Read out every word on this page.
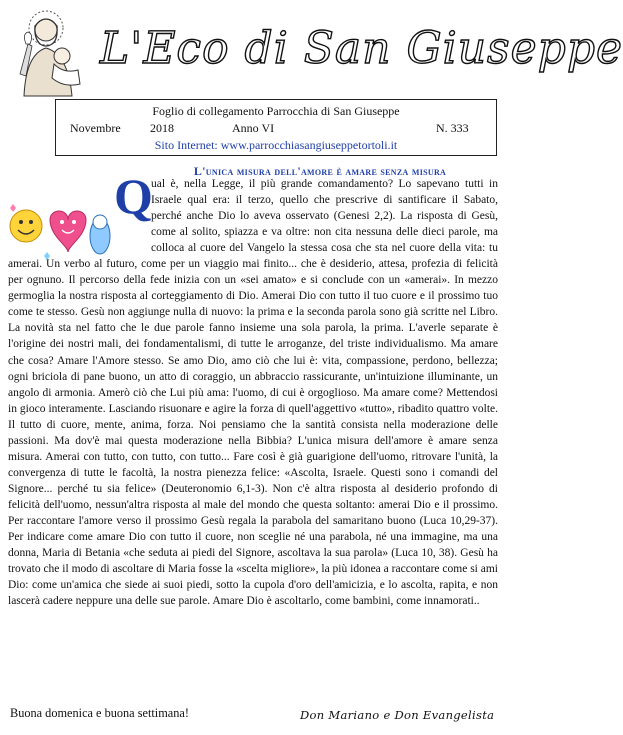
L'Eco di San Giuseppe
Foglio di collegamento Parrocchia di San Giuseppe
Novembre 2018	Anno VI	N. 333
Sito Internet: www.parrocchiasangiuseppetortoli.it
L'unica misura dell'amore è amare senza misura
Q

ual è, nella Legge, il più grande comandamento? Lo sapevano tutti in Israele qual era: il terzo, quello che prescrive di santificare il Sabato, perché anche Dio lo aveva osservato (Genesi 2,2). La risposta di Gesù, come al solito, spiazza e va oltre: non cita nessuna delle dieci parole, ma colloca al cuore del Vangelo la stessa cosa che sta nel cuore della vita: tu amerai. Un verbo al futuro, come per un viaggio mai finito... che è desiderio, attesa, profezia di felicità per ognuno. Il percorso della fede inizia con un «sei amato» e si conclude con un «amerai». In mezzo germoglia la nostra risposta al corteggiamento di Dio. Amerai Dio con tutto il tuo cuore e il prossimo tuo come te stesso. Gesù non aggiunge nulla di nuovo: la prima e la seconda parola sono già scritte nel Libro. La novità sta nel fatto che le due parole fanno insieme una sola parola, la prima. L'averle separate è l'origine dei nostri mali, dei fondamentalismi, di tutte le arroganze, del triste individualismo. Ma amare che cosa? Amare l'Amore stesso. Se amo Dio, amo ciò che lui è: vita, compassione, perdono, bellezza; ogni briciola di pane buono, un atto di coraggio, un abbraccio rassicurante, un'intuizione illuminante, un angolo di armonia. Amerò ciò che Lui più ama: l'uomo, di cui è orgoglioso. Ma amare come? Mettendosi in gioco interamente. Lasciando risuonare e agire la forza di quell'aggettivo «tutto», ribadito quattro volte. Il tutto di cuore, mente, anima, forza. Noi pensiamo che la santità consista nella moderazione delle passioni. Ma dov'è mai questa moderazione nella Bibbia? L'unica misura dell'amore è amare senza misura. Amerai con tutto, con tutto, con tutto... Fare così è già guarigione dell'uomo, ritrovare l'unità, la convergenza di tutte le facoltà, la nostra pienezza felice: «Ascolta, Israele. Questi sono i comandi del Signore... perché tu sia felice» (Deuteronomio 6,1-3). Non c'è altra risposta al desiderio profondo di felicità dell'uomo, nessun'altra risposta al male del mondo che questa soltanto: amerai Dio e il prossimo. Per raccontare l'amore verso il prossimo Gesù regala la parabola del samaritano buono (Luca 10,29-37). Per indicare come amare Dio con tutto il cuore, non sceglie né una parabola, né una immagine, ma una donna, Maria di Betania «che seduta ai piedi del Signore, ascoltava la sua parola» (Luca 10, 38). Gesù ha trovato che il modo di ascoltare di Maria fosse la «scelta migliore», la più idonea a raccontare come si ami Dio: come un'amica che siede ai suoi piedi, sotto la cupola d'oro dell'amicizia, e lo ascolta, rapita, e non lascerà cadere neppure una delle sue parole. Amare Dio è ascoltarlo, come bambini, come innamorati..

Buona domenica e buona settimana!	Don Mariano e Don Evangelista
